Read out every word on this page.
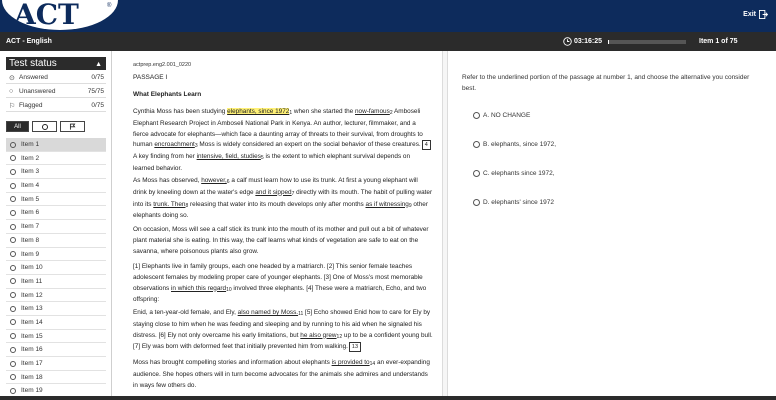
ACT	®
Exit
ACT - English	03:16:25	Item 1 of 75
Test status	▲
⊙ Answered	0/75
○ Unanswered	75/75
⚐ Flagged	0/75
All
Item 1
Item 2
Item 3
Item 4
Item 5
Item 6
Item 7
Item 8
Item 9
Item 10
Item 11
Item 12
Item 13
Item 14
Item 15
Item 16
Item 17
Item 18
Item 19
actprep.eng2.001_0220
PASSAGE I
What Elephants Learn
Cynthia Moss has been studying elephants, since 19721 when she started the now-famous2 Amboseli Elephant Research Project in Amboseli National Park in Kenya. An author, lecturer, filmmaker, and a fierce advocate for elephants—which face a daunting array of threats to their survival, from droughts to human encroachment3 Moss is widely considered an expert on the social behavior of these creatures. 4 A key finding from her intensive, field, studies5 is the extent to which elephant survival depends on learned behavior.
As Moss has observed, however,6 a calf must learn how to use its trunk. At first a young elephant will drink by kneeling down at the water's edge and it sipped7 directly with its mouth. The habit of pulling water into its trunk. Then8 releasing that water into its mouth develops only after months as if witnessing9 other elephants doing so.
On occasion, Moss will see a calf stick its trunk into the mouth of its mother and pull out a bit of whatever plant material she is eating. In this way, the calf learns what kinds of vegetation are safe to eat on the savanna, where poisonous plants also grow.
[1] Elephants live in family groups, each one headed by a matriarch. [2] This senior female teaches adolescent females by modeling proper care of younger elephants. [3] One of Moss's most memorable observations in which this regard10 involved three elephants. [4] These were a matriarch, Echo, and two offspring:
Enid, a ten-year-old female, and Ely, also named by Moss.11 [5] Echo showed Enid how to care for Ely by staying close to him when he was feeding and sleeping and by running to his aid when he signaled his distress. [6] Ely not only overcame his early limitations, but he also grew12 up to be a confident young bull. [7] Ely was born with deformed feet that initially prevented him from walking. 13
Moss has brought compelling stories and information about elephants is provided to14 an ever-expanding audience. She hopes others will in turn become advocates for the animals she admires and understands in ways few others do.
Refer to the underlined portion of the passage at number 1, and choose the alternative you consider best.
A. NO CHANGE
B. elephants, since 1972,
C. elephants since 1972,
D. elephants' since 1972
